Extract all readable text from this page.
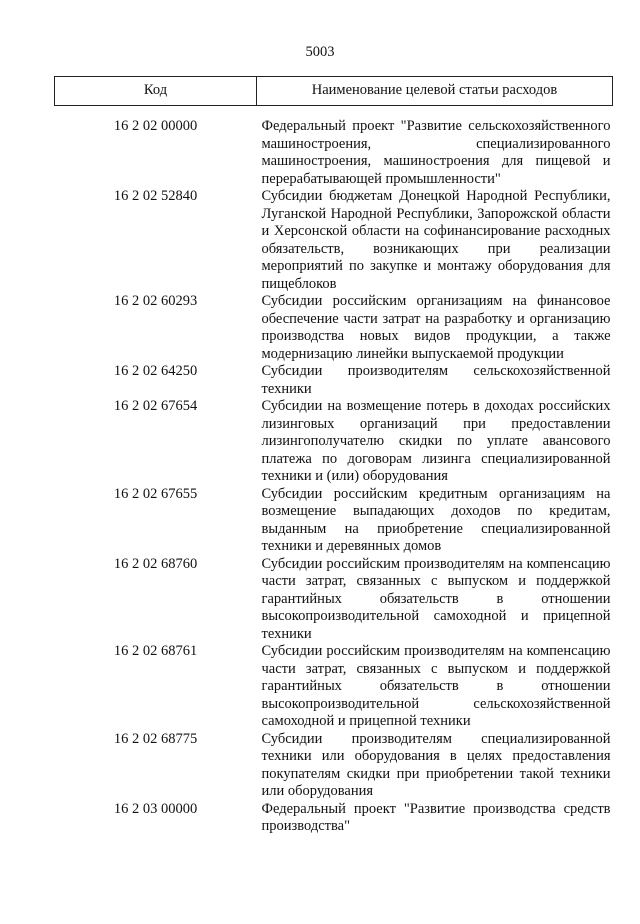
5003
Код	Наименование целевой статьи расходов
16 2 02 00000	Федеральный проект "Развитие сельскохозяйственного машиностроения, специализированного машиностроения, машиностроения для пищевой и перерабатывающей промышленности"
16 2 02 52840	Субсидии бюджетам Донецкой Народной Республики, Луганской Народной Республики, Запорожской области и Херсонской области на софинансирование расходных обязательств, возникающих при реализации мероприятий по закупке и монтажу оборудования для пищеблоков
16 2 02 60293	Субсидии российским организациям на финансовое обеспечение части затрат на разработку и организацию производства новых видов продукции, а также модернизацию линейки выпускаемой продукции
16 2 02 64250	Субсидии производителям сельскохозяйственной техники
16 2 02 67654	Субсидии на возмещение потерь в доходах российских лизинговых организаций при предоставлении лизингополучателю скидки по уплате авансового платежа по договорам лизинга специализированной техники и (или) оборудования
16 2 02 67655	Субсидии российским кредитным организациям на возмещение выпадающих доходов по кредитам, выданным на приобретение специализированной техники и деревянных домов
16 2 02 68760	Субсидии российским производителям на компенсацию части затрат, связанных с выпуском и поддержкой гарантийных обязательств в отношении высокопроизводительной самоходной и прицепной техники
16 2 02 68761	Субсидии российским производителям на компенсацию части затрат, связанных с выпуском и поддержкой гарантийных обязательств в отношении высокопроизводительной сельскохозяйственной самоходной и прицепной техники
16 2 02 68775	Субсидии производителям специализированной техники или оборудования в целях предоставления покупателям скидки при приобретении такой техники или оборудования
16 2 03 00000	Федеральный проект "Развитие производства средств производства"
